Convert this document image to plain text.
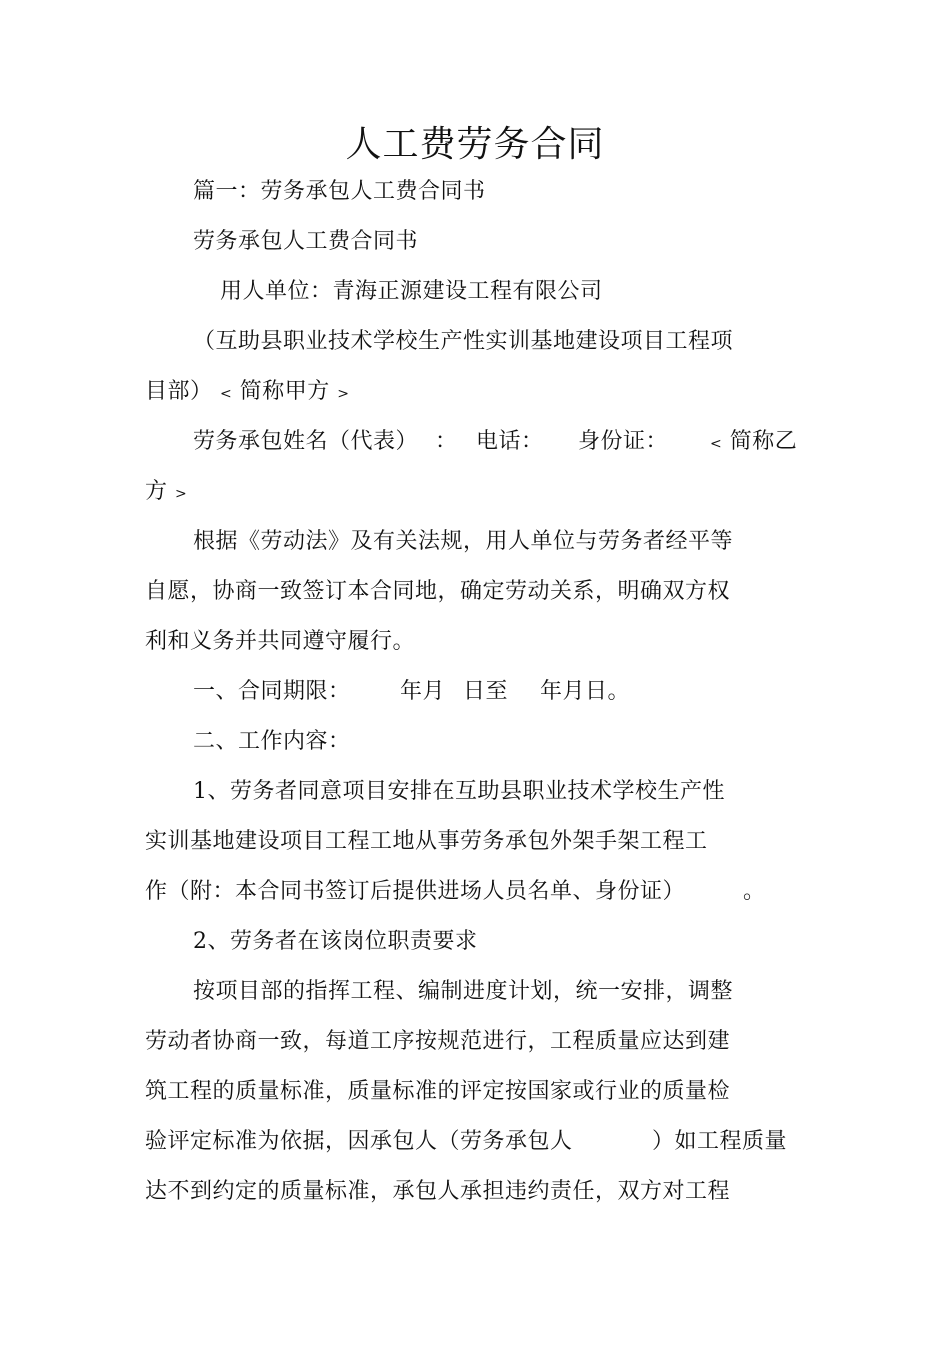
人工费劳务合同
篇一：劳务承包人工费合同书
劳务承包人工费合同书
用人单位：青海正源建设工程有限公司
（互助县职业技术学校生产性实训基地建设项目工程项
目部） < 简称甲方 >
劳务承包姓名（代表） ： 电话： 身份证：	< 简称乙
方 >
根据《劳动法》及有关法规，用人单位与劳务者经平等
自愿，协商一致签订本合同地，确定劳动关系，明确双方权
利和义务并共同遵守履行。
一、合同期限： 年月 日至 年月日。
二、工作内容：
1、劳务者同意项目安排在互助县职业技术学校生产性
实训基地建设项目工程工地从事劳务承包外架手架工程工
作（附：本合同书签订后提供进场人员名单、身份证）	。
2、劳务者在该岗位职责要求
按项目部的指挥工程、编制进度计划，统一安排，调整
劳动者协商一致，每道工序按规范进行，工程质量应达到建
筑工程的质量标准，质量标准的评定按国家或行业的质量检
验评定标准为依据，因承包人（劳务承包人	）如工程质量
达不到约定的质量标准，承包人承担违约责任，双方对工程
